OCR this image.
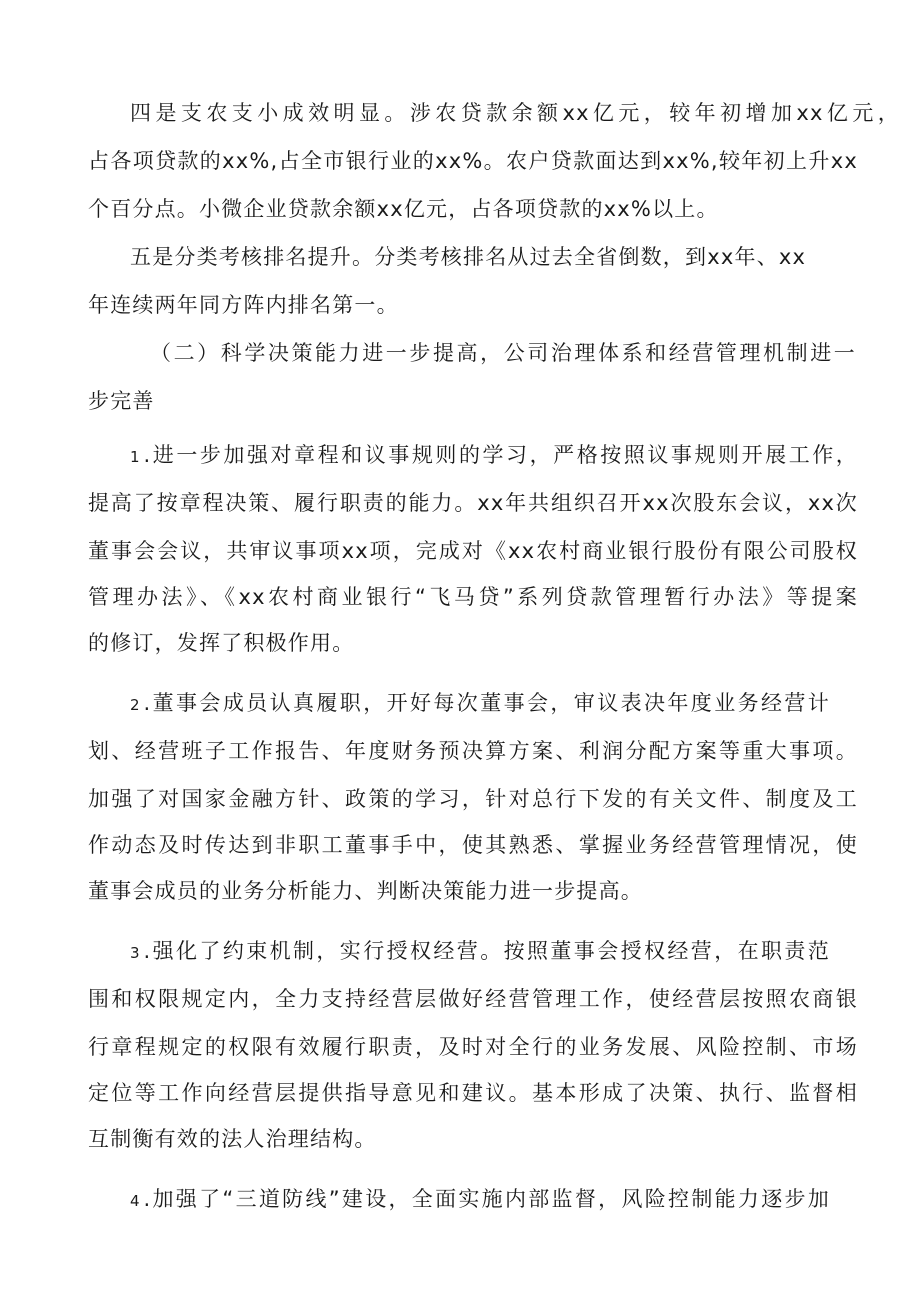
四是支农支小成效明显。涉农贷款余额xx亿元，较年初增加xx亿元，
占各项贷款的xx%,占全市银行业的xx%。农户贷款面达到xx%,较年初上升xx
个百分点。小微企业贷款余额xx亿元，占各项贷款的xx%以上。
五是分类考核排名提升。分类考核排名从过去全省倒数，到xx年、xx
年连续两年同方阵内排名第一。
（二）科学决策能力进一步提高，公司治理体系和经营管理机制进一
步完善
1 .进一步加强对章程和议事规则的学习，严格按照议事规则开展工作，
提高了按章程决策、履行职责的能力。xx年共组织召开xx次股东会议，xx次
董事会会议，共审议事项xx项，完成对《xx农村商业银行股份有限公司股权
管理办法》、《xx农村商业银行“飞马贷”系列贷款管理暂行办法》等提案
的修订，发挥了积极作用。
2 .董事会成员认真履职，开好每次董事会，审议表决年度业务经营计
划、经营班子工作报告、年度财务预决算方案、利润分配方案等重大事项。
加强了对国家金融方针、政策的学习，针对总行下发的有关文件、制度及工
作动态及时传达到非职工董事手中，使其熟悉、掌握业务经营管理情况，使
董事会成员的业务分析能力、判断决策能力进一步提高。
3 .强化了约束机制，实行授权经营。按照董事会授权经营，在职责范
围和权限规定内，全力支持经营层做好经营管理工作，使经营层按照农商银
行章程规定的权限有效履行职责，及时对全行的业务发展、风险控制、市场
定位等工作向经营层提供指导意见和建议。基本形成了决策、执行、监督相
互制衡有效的法人治理结构。
4 .加强了“三道防线”建设，全面实施内部监督，风险控制能力逐步加
